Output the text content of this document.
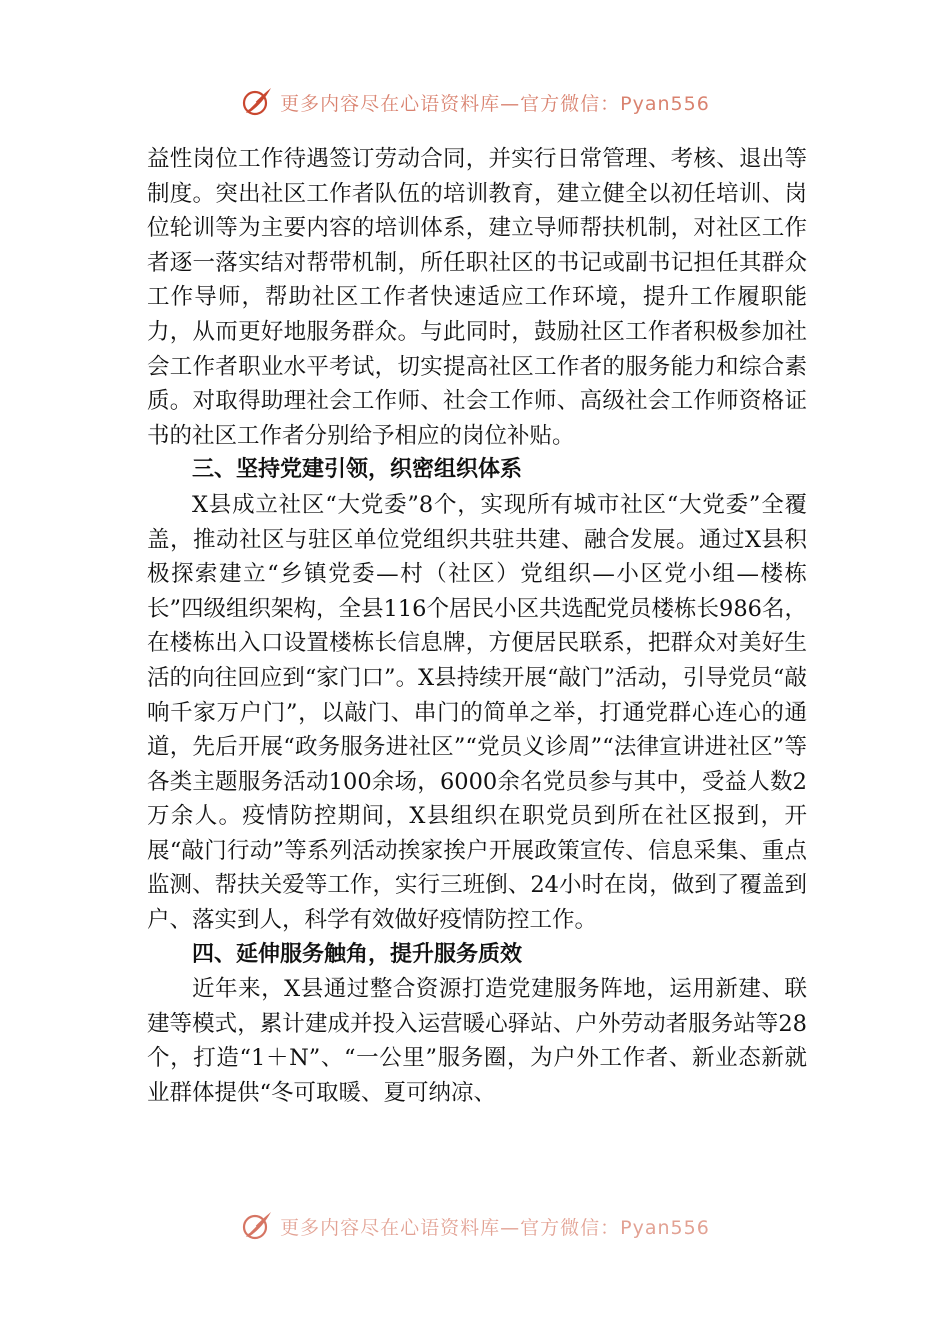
更多内容尽在心语资料库—官方微信：Pyan556

益性岗位工作待遇签订劳动合同，并实行日常管理、考核、退出等制度。突出社区工作者队伍的培训教育，建立健全以初任培训、岗位轮训等为主要内容的培训体系，建立导师帮扶机制，对社区工作者逐一落实结对帮带机制，所任职社区的书记或副书记担任其群众工作导师，帮助社区工作者快速适应工作环境，提升工作履职能力，从而更好地服务群众。与此同时，鼓励社区工作者积极参加社会工作者职业水平考试，切实提高社区工作者的服务能力和综合素质。对取得助理社会工作师、社会工作师、高级社会工作师资格证书的社区工作者分别给予相应的岗位补贴。

三、坚持党建引领，织密组织体系

X县成立社区“大党委”8个，实现所有城市社区“大党委”全覆盖，推动社区与驻区单位党组织共驻共建、融合发展。通过X县积极探索建立“乡镇党委—村（社区）党组织—小区党小组—楼栋长”四级组织架构，全县116个居民小区共选配党员楼栋长986名，在楼栋出入口设置楼栋长信息牌，方便居民联系，把群众对美好生活的向往回应到“家门口”。X县持续开展“敲门”活动，引导党员“敲响千家万户门”，以敲门、串门的简单之举，打通党群心连心的通道，先后开展“政务服务进社区”“党员义诊周”“法律宣讲进社区”等各类主题服务活动100余场，6000余名党员参与其中，受益人数2万余人。疫情防控期间，X县组织在职党员到所在社区报到，开展“敲门行动”等系列活动挨家挨户开展政策宣传、信息采集、重点监测、帮扶关爱等工作，实行三班倒、24小时在岗，做到了覆盖到户、落实到人，科学有效做好疫情防控工作。

四、延伸服务触角，提升服务质效

近年来，X县通过整合资源打造党建服务阵地，运用新建、联建等模式，累计建成并投入运营暖心驿站、户外劳动者服务站等28个，打造“1＋N”、“一公里”服务圈，为户外工作者、新业态新就业群体提供“冬可取暖、夏可纳凉、

更多内容尽在心语资料库—官方微信：Pyan556
